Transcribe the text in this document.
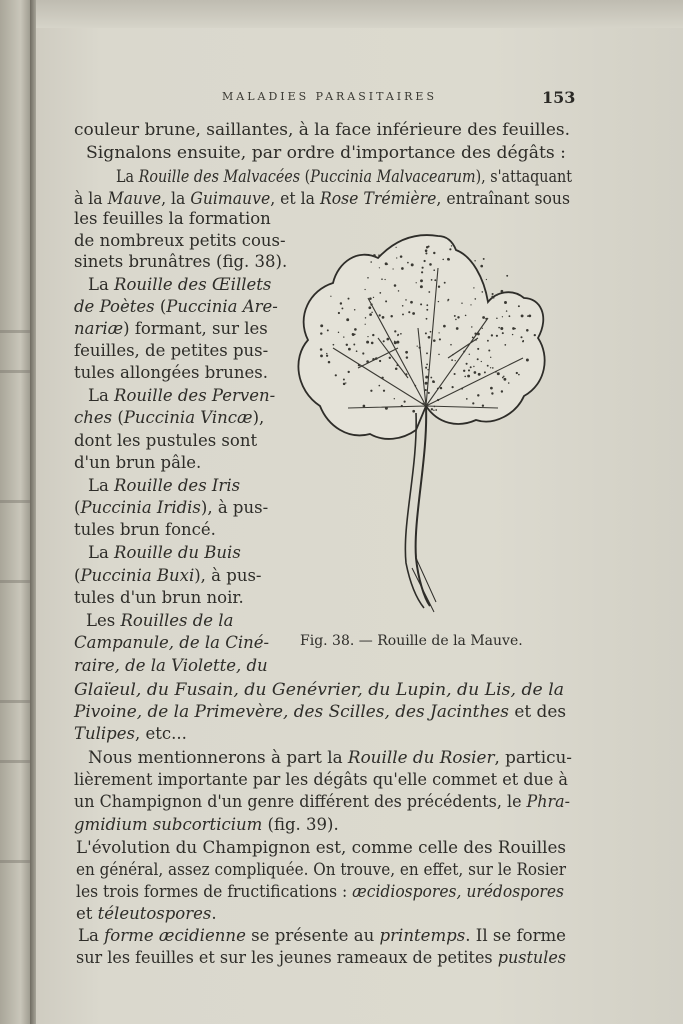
MALADIES PARASITAIRES	153
couleur brune, saillantes, à la face inférieure des feuilles.
Signalons ensuite, par ordre d'importance des dégâts :
La Rouille des Malvacées (Puccinia Malvacearum), s'attaquant
à la Mauve, la Guimauve, et la Rose Trémière, entraînant sous
les feuilles la formation
de nombreux petits cous-
sinets brunâtres (fig. 38).
La Rouille des Œillets
de Poètes (Puccinia Are-
nariæ) formant, sur les
feuilles, de petites pus-
tules allongées brunes.
La Rouille des Perven-
ches (Puccinia Vincæ),
dont les pustules sont
d'un brun pâle.
La Rouille des Iris
(Puccinia Iridis), à pus-
tules brun foncé.
La Rouille du Buis
(Puccinia Buxi), à pus-
tules d'un brun noir.
Les Rouilles de la
Campanule, de la Ciné-
raire, de la Violette, du
Glaïeul, du Fusain, du Genévrier, du Lupin, du Lis, de la
Pivoine, de la Primevère, des Scilles, des Jacinthes et des
Tulipes, etc...
Nous mentionnerons à part la Rouille du Rosier, particu-
lièrement importante par les dégâts qu'elle commet et due à
un Champignon d'un genre différent des précédents, le Phra-
gmidium subcorticium (fig. 39).
L'évolution du Champignon est, comme celle des Rouilles
en général, assez compliquée. On trouve, en effet, sur le Rosier
les trois formes de fructifications : æcidiospores, urédospores
et téleutospores.
La forme æcidienne se présente au printemps. Il se forme
sur les feuilles et sur les jeunes rameaux de petites pustules
Fig. 38. — Rouille de la Mauve.
